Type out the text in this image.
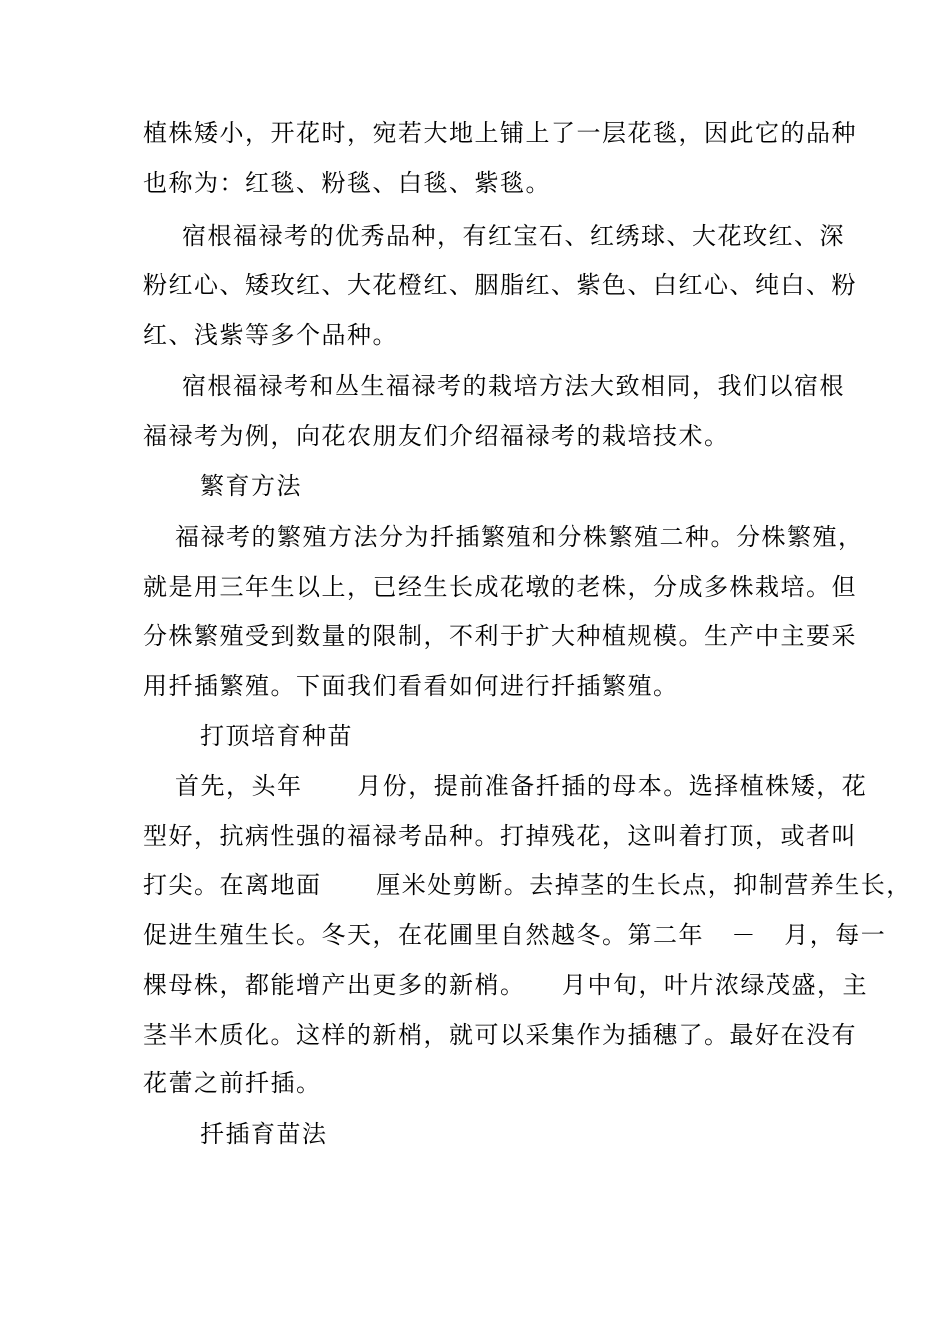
植株矮小，开花时，宛若大地上铺上了一层花毯，因此它的品种
也称为：红毯、粉毯、白毯、紫毯。
宿根福禄考的优秀品种，有红宝石、红绣球、大花玫红、深
粉红心、矮玫红、大花橙红、胭脂红、紫色、白红心、纯白、粉
红、浅紫等多个品种。
宿根福禄考和丛生福禄考的栽培方法大致相同，我们以宿根
福禄考为例，向花农朋友们介绍福禄考的栽培技术。
繁育方法
福禄考的繁殖方法分为扦插繁殖和分株繁殖二种。分株繁殖，
就是用三年生以上，已经生长成花墩的老株，分成多株栽培。但
分株繁殖受到数量的限制，不利于扩大种植规模。生产中主要采
用扦插繁殖。下面我们看看如何进行扦插繁殖。
打顶培育种苗
首先，头年      月份，提前准备扦插的母本。选择植株矮，花
型好，抗病性强的福禄考品种。打掉残花，这叫着打顶，或者叫
打尖。在离地面      厘米处剪断。去掉茎的生长点，抑制营养生长，
促进生殖生长。冬天，在花圃里自然越冬。第二年   －   月，每一
棵母株，都能增产出更多的新梢。    月中旬，叶片浓绿茂盛，主
茎半木质化。这样的新梢，就可以采集作为插穗了。最好在没有
花蕾之前扦插。
扦插育苗法
